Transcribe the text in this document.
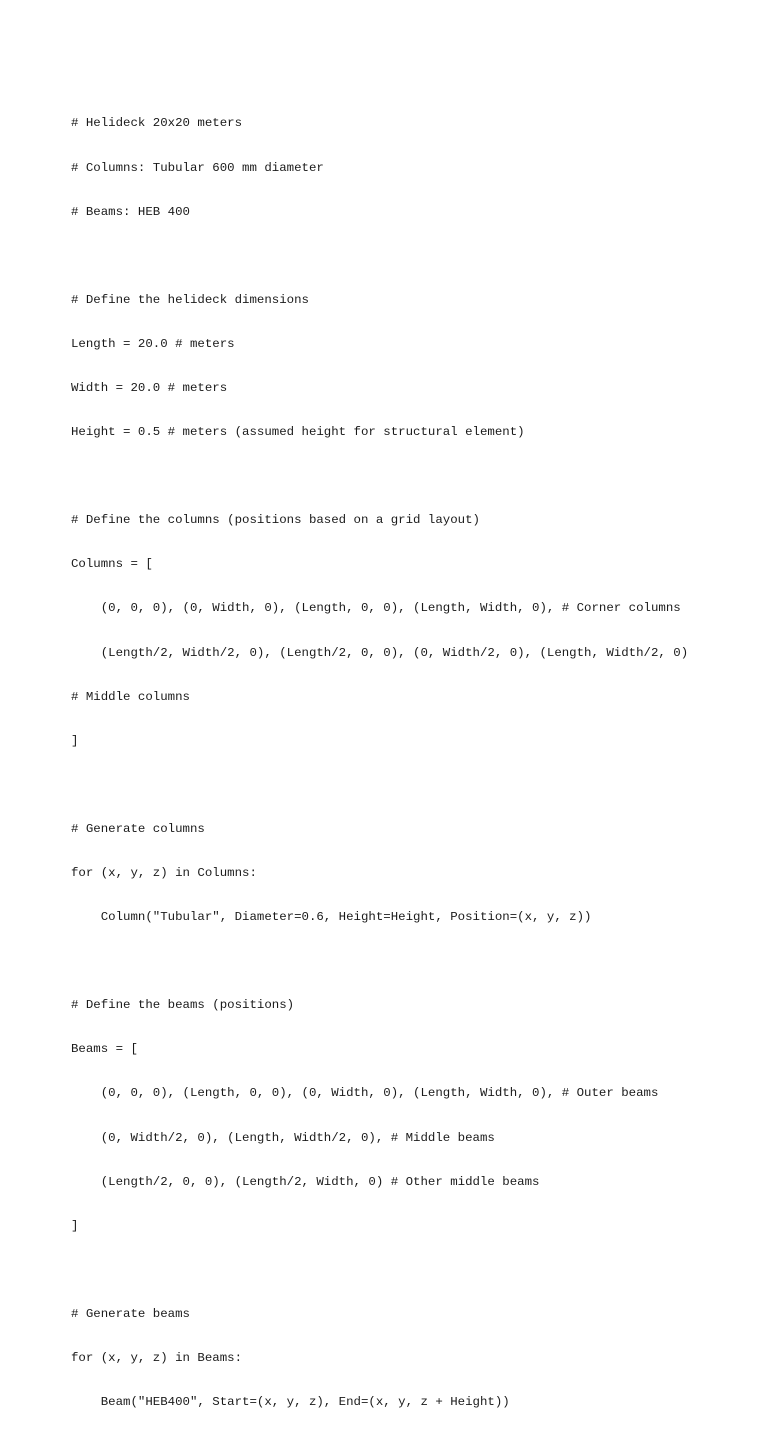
# Helideck 20x20 meters

# Columns: Tubular 600 mm diameter

# Beams: HEB 400

# Define the helideck dimensions

Length = 20.0 # meters

Width = 20.0 # meters

Height = 0.5 # meters (assumed height for structural element)

# Define the columns (positions based on a grid layout)

Columns = [

(0, 0, 0), (0, Width, 0), (Length, 0, 0), (Length, Width, 0), # Corner columns

(Length/2, Width/2, 0), (Length/2, 0, 0), (0, Width/2, 0), (Length, Width/2, 0)

# Middle columns

]

# Generate columns

for (x, y, z) in Columns:

Column("Tubular", Diameter=0.6, Height=Height, Position=(x, y, z))

# Define the beams (positions)

Beams = [

(0, 0, 0), (Length, 0, 0), (0, Width, 0), (Length, Width, 0), # Outer beams

(0, Width/2, 0), (Length, Width/2, 0), # Middle beams

(Length/2, 0, 0), (Length/2, Width, 0) # Other middle beams

]

# Generate beams

for (x, y, z) in Beams:

Beam("HEB400", Start=(x, y, z), End=(x, y, z + Height))
